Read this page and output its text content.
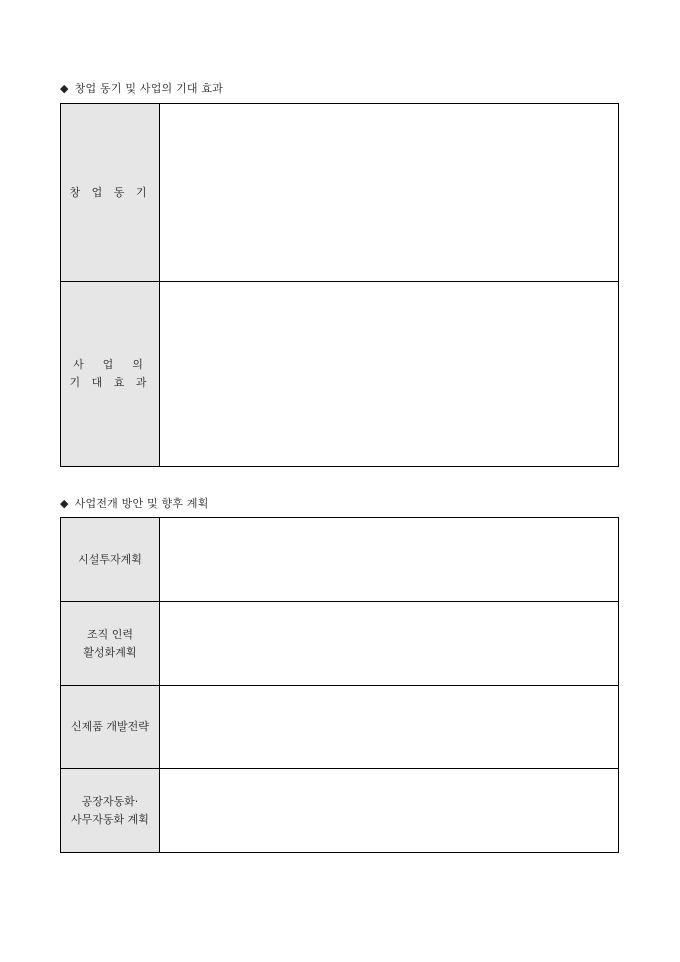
◆ 창업 동기 및 사업의 기대 효과
창 업 동 기	

사  업  의
기 대 효 과	

◆ 사업전개 방안 및 향후 계획
시설투자계획	

조직 인력
활성화계획	

신제품 개발전략	

공장자동화·
사무자동화 계획	
